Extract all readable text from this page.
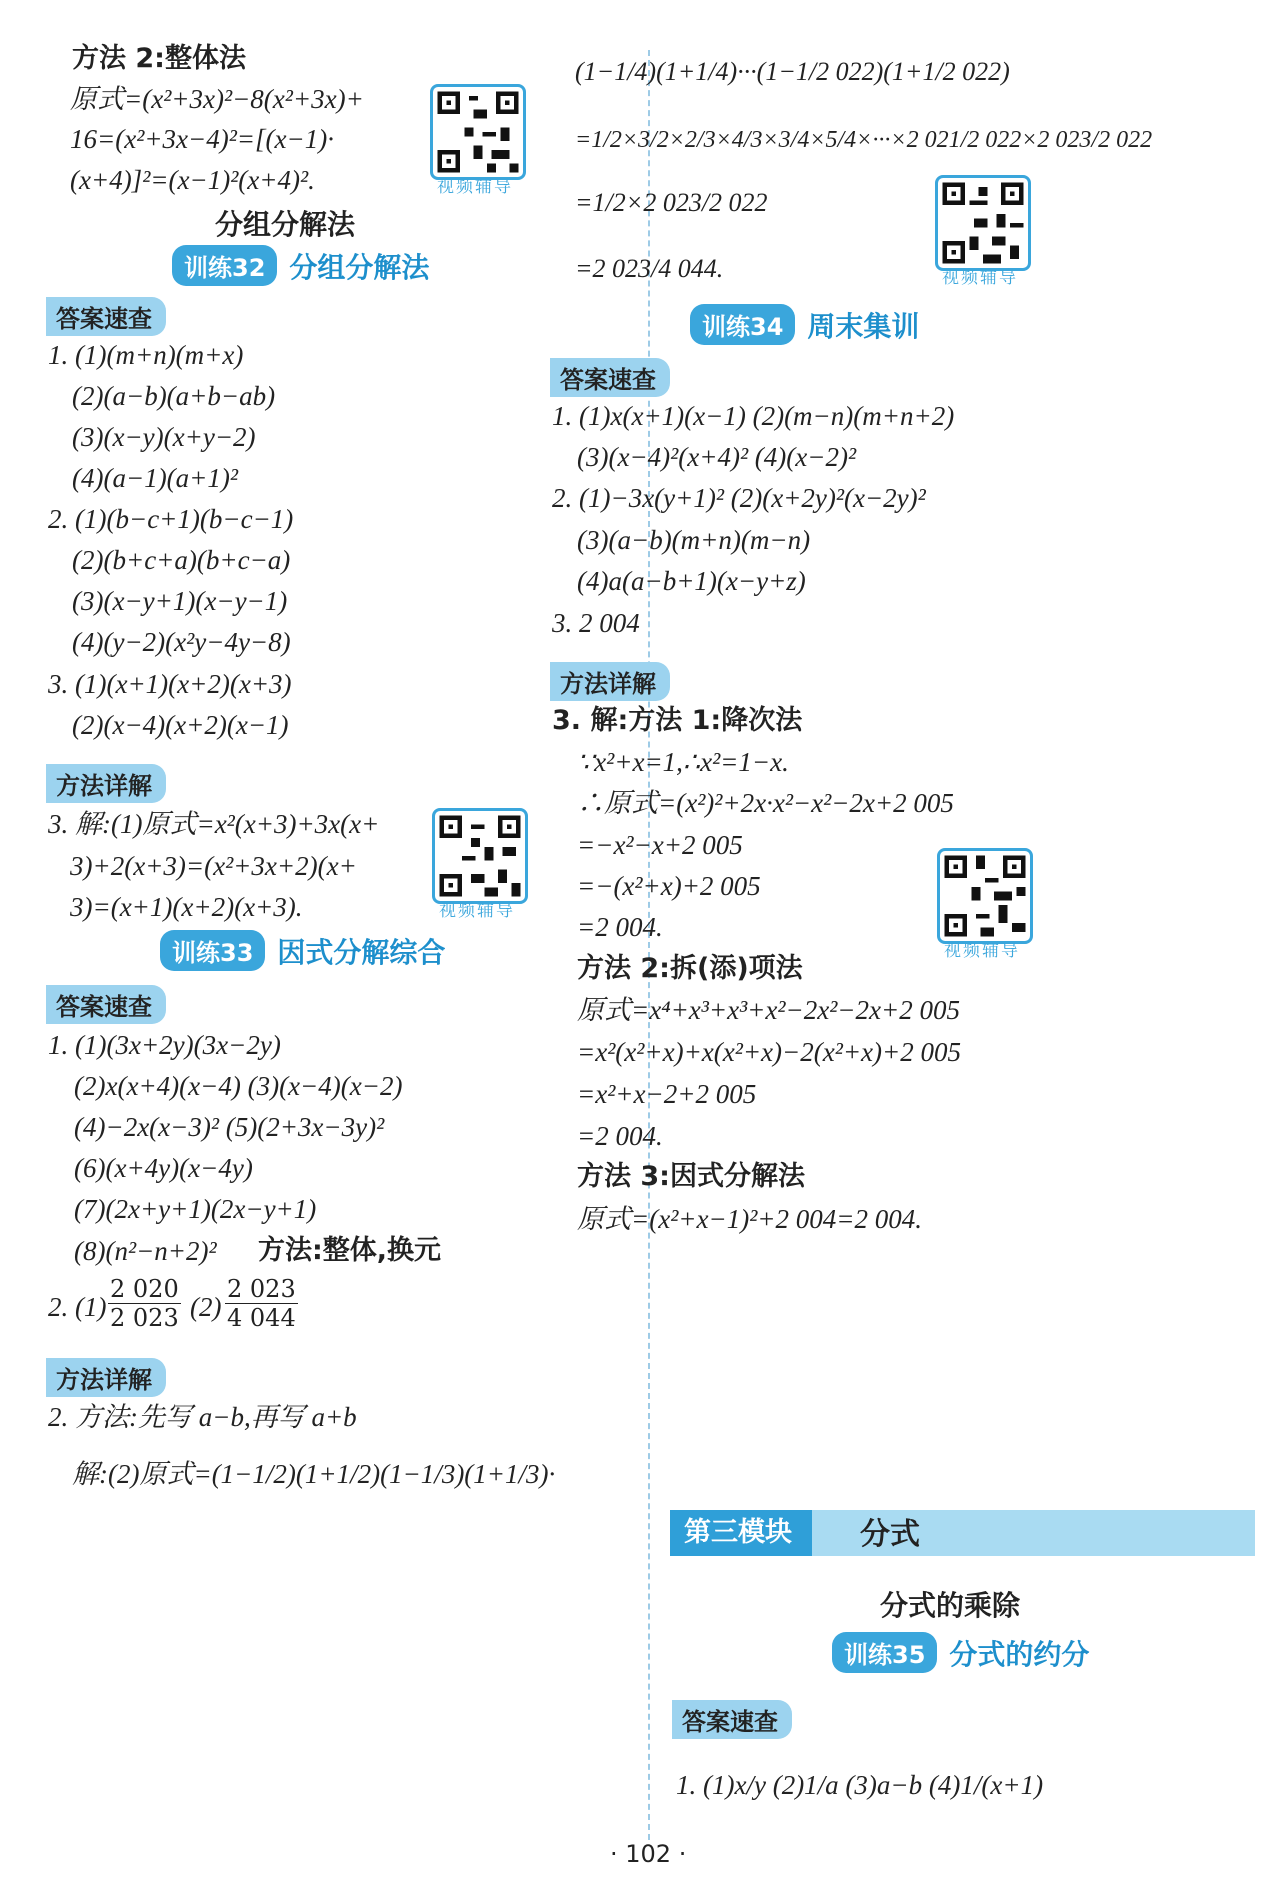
方法 2:整体法
原式=(x²+3x)²−8(x²+3x)+
16=(x²+3x−4)²=[(x−1)·
(x+4)]²=(x−1)²(x+4)².	视频辅导
分组分解法
训练32 分组分解法
答案速查
1. (1)(m+n)(m+x)
(2)(a−b)(a+b−ab)
(3)(x−y)(x+y−2)
(4)(a−1)(a+1)²
2. (1)(b−c+1)(b−c−1)
(2)(b+c+a)(b+c−a)
(3)(x−y+1)(x−y−1)
(4)(y−2)(x²y−4y−8)
3. (1)(x+1)(x+2)(x+3)
(2)(x−4)(x+2)(x−1)
方法详解
3. 解:(1)原式=x²(x+3)+3x(x+
3)+2(x+3)=(x²+3x+2)(x+
3)=(x+1)(x+2)(x+3).	视频辅导
训练33 因式分解综合
答案速查
1. (1)(3x+2y)(3x−2y)
(2)x(x+4)(x−4) (3)(x−4)(x−2)
(4)−2x(x−3)² (5)(2+3x−3y)²
(6)(x+4y)(x−4y)
(7)(2x+y+1)(2x−y+1)
(8)(n²−n+2)² 方法:整体,换元
2. $(1) \frac{2 020}{2 023} (2) \frac{2 023}{4 044}$
方法详解
2. 方法:先写 a−b,再写 a+b
解:(2)原式=(1−1/2)(1+1/2)(1−1/3)(1+1/3)·
(1−1/4)(1+1/4)···(1−1/2 022)(1+1/2 022)
=1/2×3/2×2/3×4/3×3/4×5/4×···×2 021/2 022×2 023/2 022
=1/2×2 023/2 022
=2 023/4 044.	视频辅导
训练34 周末集训
答案速查
1. (1)x(x+1)(x−1) (2)(m−n)(m+n+2)
(3)(x−4)²(x+4)² (4)(x−2)²
2. (1)−3x(y+1)² (2)(x+2y)²(x−2y)²
(3)(a−b)(m+n)(m−n)
(4)a(a−b+1)(x−y+z)
3. 2 004
方法详解
3. 解:方法 1:降次法
∵x²+x=1,∴x²=1−x.
∴原式=(x²)²+2x·x²−x²−2x+2 005
=−x²−x+2 005
=−(x²+x)+2 005
=2 004.
视频辅导
方法 2:拆(添)项法
原式=x⁴+x³+x³+x²−2x²−2x+2 005
=x²(x²+x)+x(x²+x)−2(x²+x)+2 005
=x²+x−2+2 005
=2 004.
方法 3:因式分解法
原式=(x²+x−1)²+2 004=2 004.
第三模块	分式
分式的乘除
训练35 分式的约分
答案速查
1. (1)x/y (2)1/a (3)a−b (4)1/(x+1)
· 102 ·
